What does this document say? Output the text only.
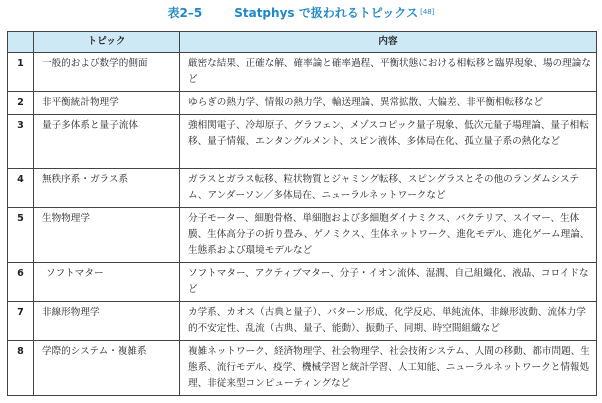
表2–5	Statphys で扱われるトピックス [48]
	トピック	内容
1	一般的および数学的側面	厳密な結果、正確な解、確率論と確率過程、平衡状態における相転移と臨界現象、場の理論など
2	非平衡統計物理学	ゆらぎの熱力学、情報の熱力学、輸送理論、異常拡散、大偏差、非平衡相転移など
3	量子多体系と量子流体	強相関電子、冷却原子、グラフェン、メゾスコピック量子現象、低次元量子場理論、量子相転移、量子情報、エンタングルメント、スピン液体、多体局在化、孤立量子系の熱化など
4	無秩序系・ガラス系	ガラスとガラス転移、粒状物質とジャミング転移、スピングラスとその他のランダムシステム、アンダーソン／多体局在、ニューラルネットワークなど
5	生物物理学	分子モーター、細胞骨格、単細胞および多細胞ダイナミクス、バクテリア、スイマー、生体膜、生体高分子の折り畳み、ゲノミクス、生体ネットワーク、進化モデル、進化ゲーム理論、生態系および環境モデルなど
6	ソフトマター	ソフトマター、アクティブマター、分子・イオン流体、湿潤、自己組織化、液晶、コロイドなど
7	非線形物理学	カ学系、カオス（古典と量子）、パターン形成、化学反応、単純流体、非線形波動、流体力学的不安定性、乱流（古典、量子、能動）、振動子、同期、時空間組織など
8	学際的システム・複雑系	複雑ネットワーク、経済物理学、社会物理学、社会技術システム、人間の移動、都市問題、生態系、流行モデル、疫学、機械学習と統計学習、人工知能、ニューラルネットワークと情報処理、非従来型コンピューティングなど
